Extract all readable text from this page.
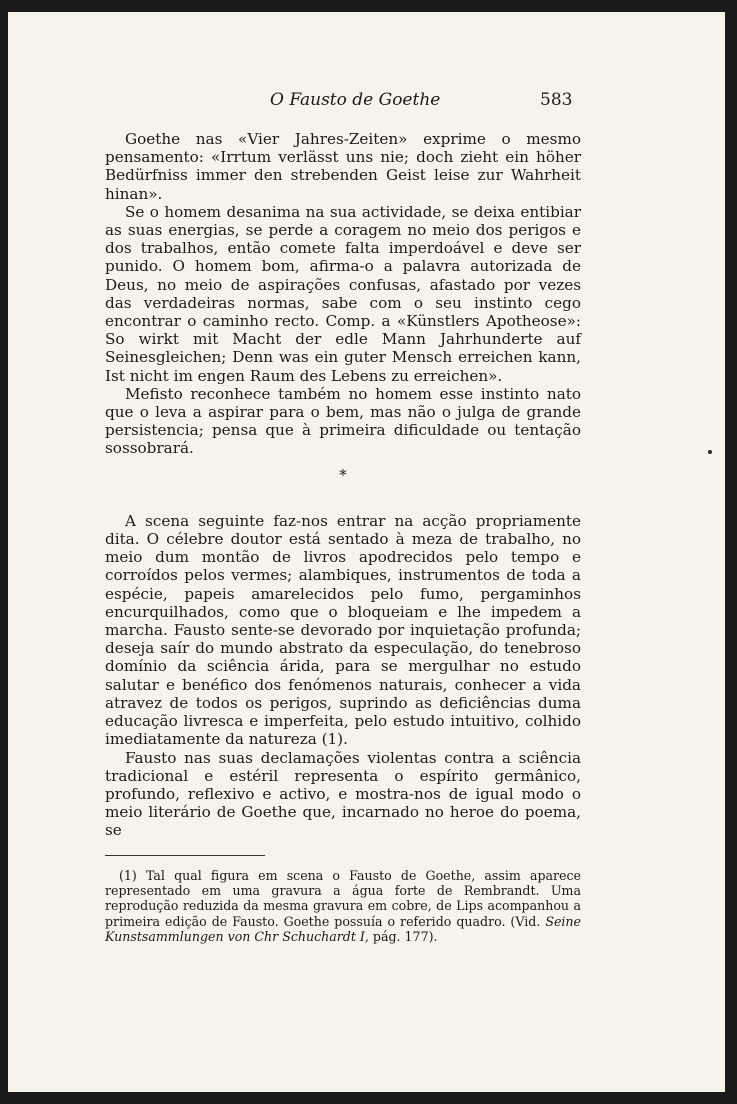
O Fausto de Goethe	583

Goethe nas «Vier Jahres-Zeiten» exprime o mesmo pensamento: «Irrtum verlässt uns nie; doch zieht ein höher Bedürfniss immer den strebenden Geist leise zur Wahrheit hinan».

Se o homem desanima na sua actividade, se deixa entibiar as suas energias, se perde a coragem no meio dos perigos e dos trabalhos, então comete falta imperdoável e deve ser punido. O homem bom, afirma-o a palavra autorizada de Deus, no meio de aspirações confusas, afastado por vezes das verdadeiras normas, sabe com o seu instinto cego encontrar o caminho recto. Comp. a «Künstlers Apotheose»: So wirkt mit Macht der edle Mann Jahrhunderte auf Seinesgleichen; Denn was ein guter Mensch erreichen kann, Ist nicht im engen Raum des Lebens zu erreichen».

Mefisto reconhece também no homem esse instinto nato que o leva a aspirar para o bem, mas não o julga de grande persistencia; pensa que à primeira dificuldade ou tentação sossobrará.

*

A scena seguinte faz-nos entrar na acção propriamente dita. O célebre doutor está sentado à meza de trabalho, no meio dum montão de livros apodrecidos pelo tempo e corroídos pelos vermes; alambiques, instrumentos de toda a espécie, papeis amarelecidos pelo fumo, pergaminhos encurquilhados, como que o bloqueiam e lhe impedem a marcha. Fausto sente-se devorado por inquietação profunda; deseja saír do mundo abstrato da especulação, do tenebroso domínio da sciência árida, para se mergulhar no estudo salutar e benéfico dos fenómenos naturais, conhecer a vida atravez de todos os perigos, suprindo as deficiências duma educação livresca e imperfeita, pelo estudo intuitivo, colhido imediatamente da natureza (1).

Fausto nas suas declamações violentas contra a sciência tradicional e estéril representa o espírito germânico, profundo, reflexivo e activo, e mostra-nos de igual modo o meio literário de Goethe que, incarnado no heroe do poema, se

(1) Tal qual figura em scena o Fausto de Goethe, assim aparece representado em uma gravura a água forte de Rembrandt. Uma reprodução reduzida da mesma gravura em cobre, de Lips acompanhou a primeira edição de Fausto. Goethe possuía o referido quadro. (Vid. Seine Kunstsammlungen von Chr Schuchardt I, pág. 177).
